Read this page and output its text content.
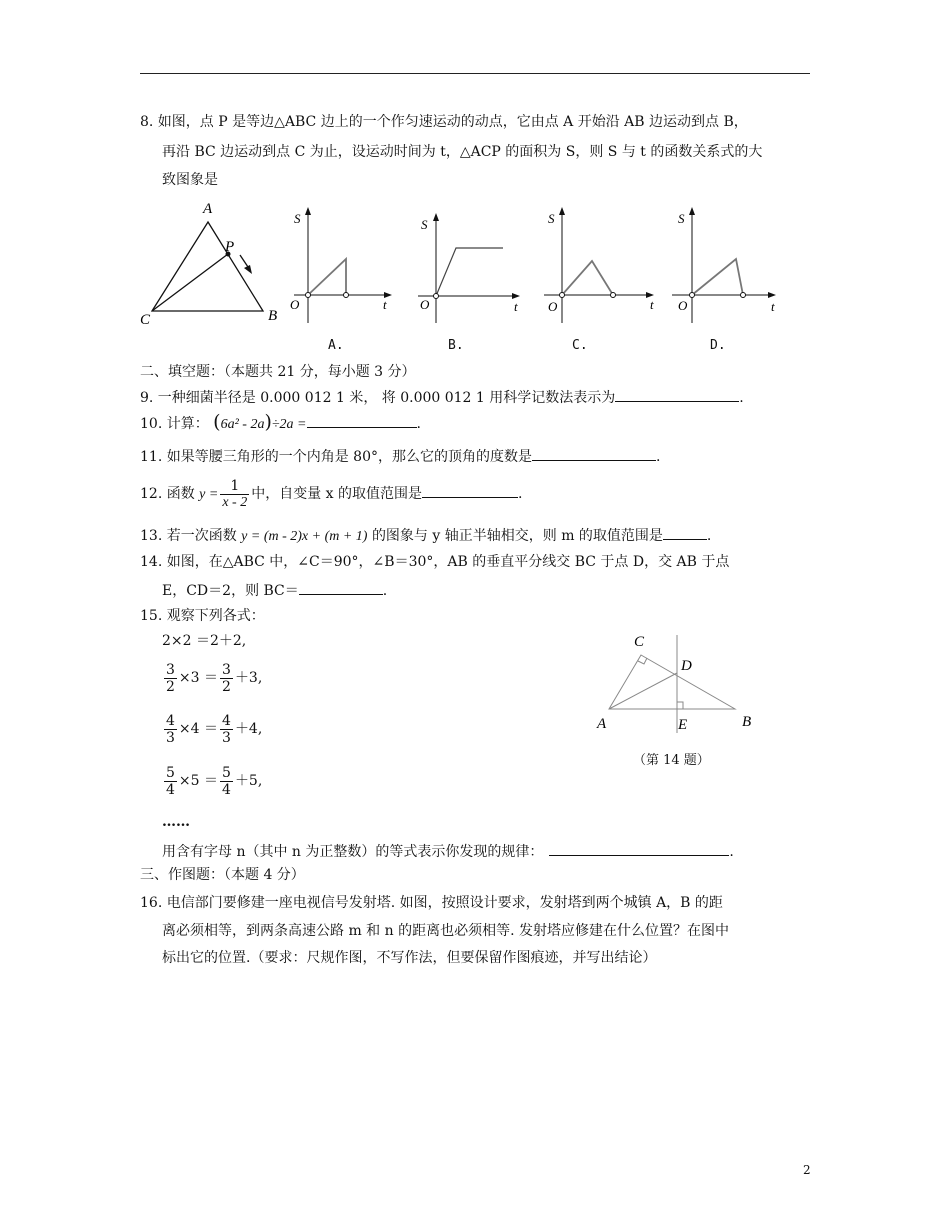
8. 如图，点 P 是等边△ABC 边上的一个作匀速运动的动点，它由点 A 开始沿 AB 边运动到点 B，
再沿 BC 边运动到点 C 为止，设运动时间为 t，△ACP 的面积为 S，则 S 与 t 的函数关系式的大
致图象是
A
P
C	B
S
t
O
S
t
O
S
t
O
S
t
O
A.	B.	C.	D.
二、填空题：（本题共 21 分，每小题 3 分）
9. 一种细菌半径是 0.000 012 1 米， 将 0.000 012 1 用科学记数法表示为	.
10. 计算： (6a² - 2a)÷2a =	.
11. 如果等腰三角形的一个内角是 80°，那么它的顶角的度数是	.
12. 函数 $y = \frac{1}{x - 2}$ 中，自变量 x 的取值范围是	.
13. 若一次函数 y = (m - 2)x + (m + 1) 的图象与 y 轴正半轴相交，则 m 的取值范围是	.
14. 如图，在△ABC 中，∠C＝90°，∠B＝30°，AB 的垂直平分线交 BC 于点 D，交 AB 于点
E，CD＝2，则 BC＝	.
C
D
A	E	B
（第 14 题）
15. 观察下列各式：
2×2 ＝2＋2,
$\frac{3}{2} \times 3 = \frac{3}{2} +3$,
$\frac{4}{3} \times 4 = \frac{4}{3} +4$,
$\frac{5}{4} \times 5 = \frac{5}{4} +5$,
……
用含有字母 n（其中 n 为正整数）的等式表示你发现的规律：	.
三、作图题：（本题 4 分）
16. 电信部门要修建一座电视信号发射塔. 如图，按照设计要求，发射塔到两个城镇 A，B 的距
离必须相等，到两条高速公路 m 和 n 的距离也必须相等. 发射塔应修建在什么位置？在图中
标出它的位置.（要求：尺规作图，不写作法，但要保留作图痕迹，并写出结论）
2
